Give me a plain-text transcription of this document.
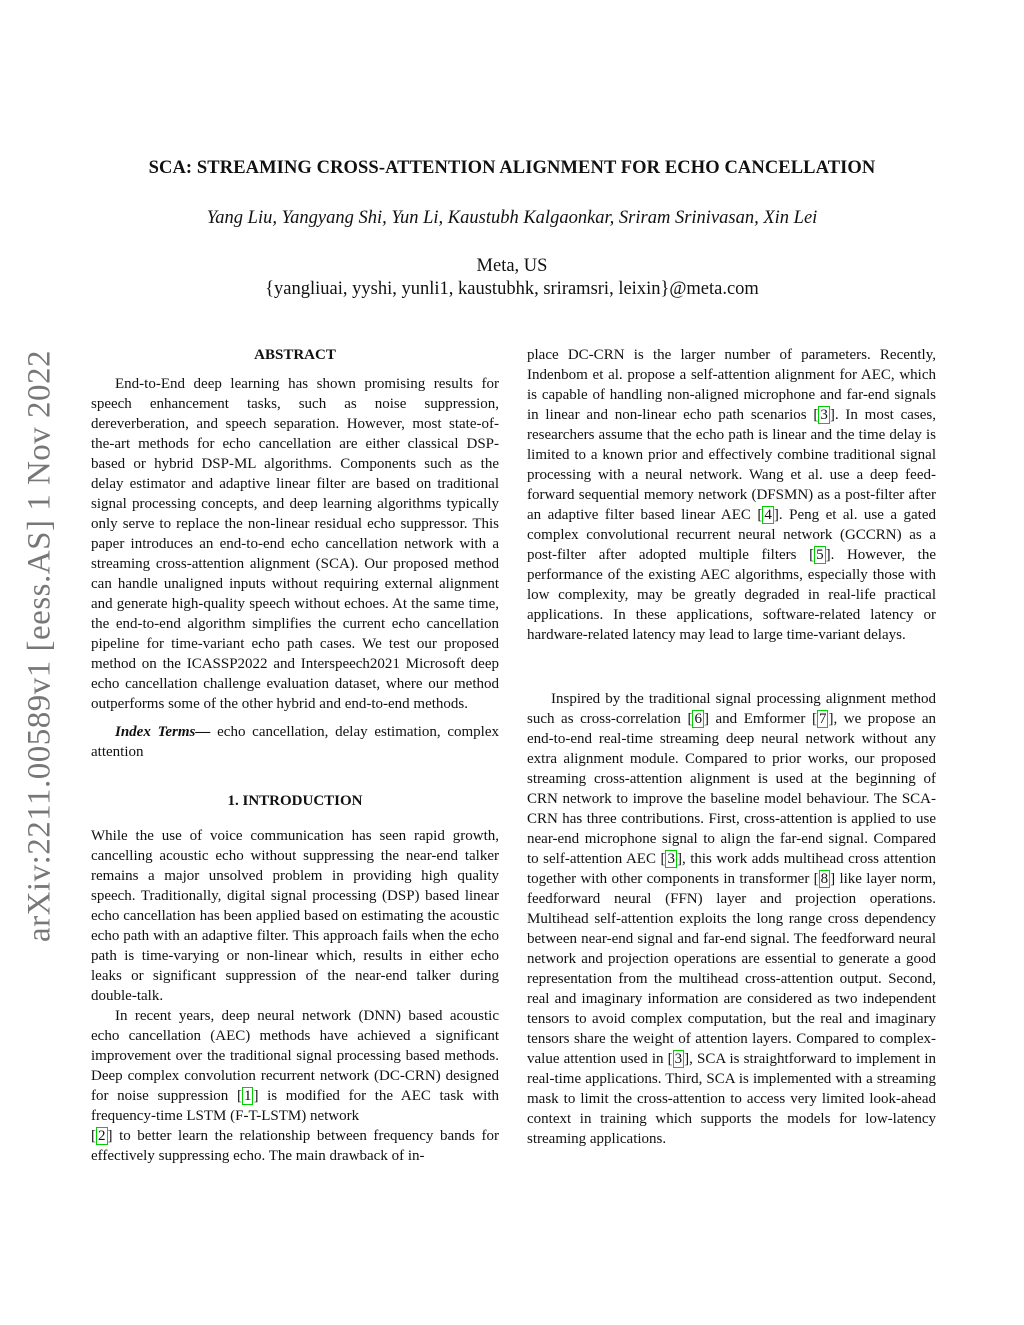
arXiv:2211.00589v1 [eess.AS] 1 Nov 2022
SCA: STREAMING CROSS-ATTENTION ALIGNMENT FOR ECHO CANCELLATION
Yang Liu, Yangyang Shi, Yun Li, Kaustubh Kalgaonkar, Sriram Srinivasan, Xin Lei
Meta, US
{yangliuai, yyshi, yunli1, kaustubhk, sriramsri, leixin}@meta.com
ABSTRACT

End-to-End deep learning has shown promising results for speech enhancement tasks, such as noise suppression, dereverberation, and speech separation. However, most state-of-the-art methods for echo cancellation are either classical DSP-based or hybrid DSP-ML algorithms. Components such as the delay estimator and adaptive linear filter are based on traditional signal processing concepts, and deep learning algorithms typically only serve to replace the non-linear residual echo suppressor. This paper introduces an end-to-end echo cancellation network with a streaming cross-attention alignment (SCA). Our proposed method can handle unaligned inputs without requiring external alignment and generate high-quality speech without echoes. At the same time, the end-to-end algorithm simplifies the current echo cancellation pipeline for time-variant echo path cases. We test our proposed method on the ICASSP2022 and Interspeech2021 Microsoft deep echo cancellation challenge evaluation dataset, where our method outperforms some of the other hybrid and end-to-end methods.

Index Terms— echo cancellation, delay estimation, complex attention

1. INTRODUCTION

While the use of voice communication has seen rapid growth, cancelling acoustic echo without suppressing the near-end talker remains a major unsolved problem in providing high quality speech. Traditionally, digital signal processing (DSP) based linear echo cancellation has been applied based on estimating the acoustic echo path with an adaptive filter. This approach fails when the echo path is time-varying or non-linear which, results in either echo leaks or significant suppression of the near-end talker during double-talk.

In recent years, deep neural network (DNN) based acoustic echo cancellation (AEC) methods have achieved a significant improvement over the traditional signal processing based methods. Deep complex convolution recurrent network (DC-CRN) designed for noise suppression [ 1 ] is modified for the AEC task with frequency-time LSTM (F-T-LSTM) network
[ 2 ] to better learn the relationship between frequency bands for effectively suppressing echo. The main drawback of in-

place DC-CRN is the larger number of parameters. Recently, Indenbom et al. propose a self-attention alignment for AEC, which is capable of handling non-aligned microphone and far-end signals in linear and non-linear echo path scenarios [ 3 ]. In most cases, researchers assume that the echo path is linear and the time delay is limited to a known prior and effectively combine traditional signal processing with a neural network. Wang et al. use a deep feed-forward sequential memory network (DFSMN) as a post-filter after an adaptive filter based linear AEC [ 4 ]. Peng et al. use a gated complex convolutional recurrent neural network (GCCRN) as a post-filter after adopted multiple filters [ 5 ]. However, the performance of the existing AEC algorithms, especially those with low complexity, may be greatly degraded in real-life practical applications. In these applications, software-related latency or hardware-related latency may lead to large time-variant delays.

Inspired by the traditional signal processing alignment method such as cross-correlation [ 6 ] and Emformer [ 7 ], we propose an end-to-end real-time streaming deep neural network without any extra alignment module. Compared to prior works, our proposed streaming cross-attention alignment is used at the beginning of CRN network to improve the baseline model behaviour. The SCA-CRN has three contributions. First, cross-attention is applied to use near-end microphone signal to align the far-end signal. Compared to self-attention AEC [ 3 ], this work adds multihead cross attention together with other components in transformer [ 8 ] like layer norm, feedforward neural (FFN) layer and projection operations. Multihead self-attention exploits the long range cross dependency between near-end signal and far-end signal. The feedforward neural network and projection operations are essential to generate a good representation from the multihead cross-attention output. Second, real and imaginary information are considered as two independent tensors to avoid complex computation, but the real and imaginary tensors share the weight of attention layers. Compared to complex-value attention used in [ 3 ], SCA is straightforward to implement in real-time applications. Third, SCA is implemented with a streaming mask to limit the cross-attention to access very limited look-ahead context in training which supports the models for low-latency streaming applications.
